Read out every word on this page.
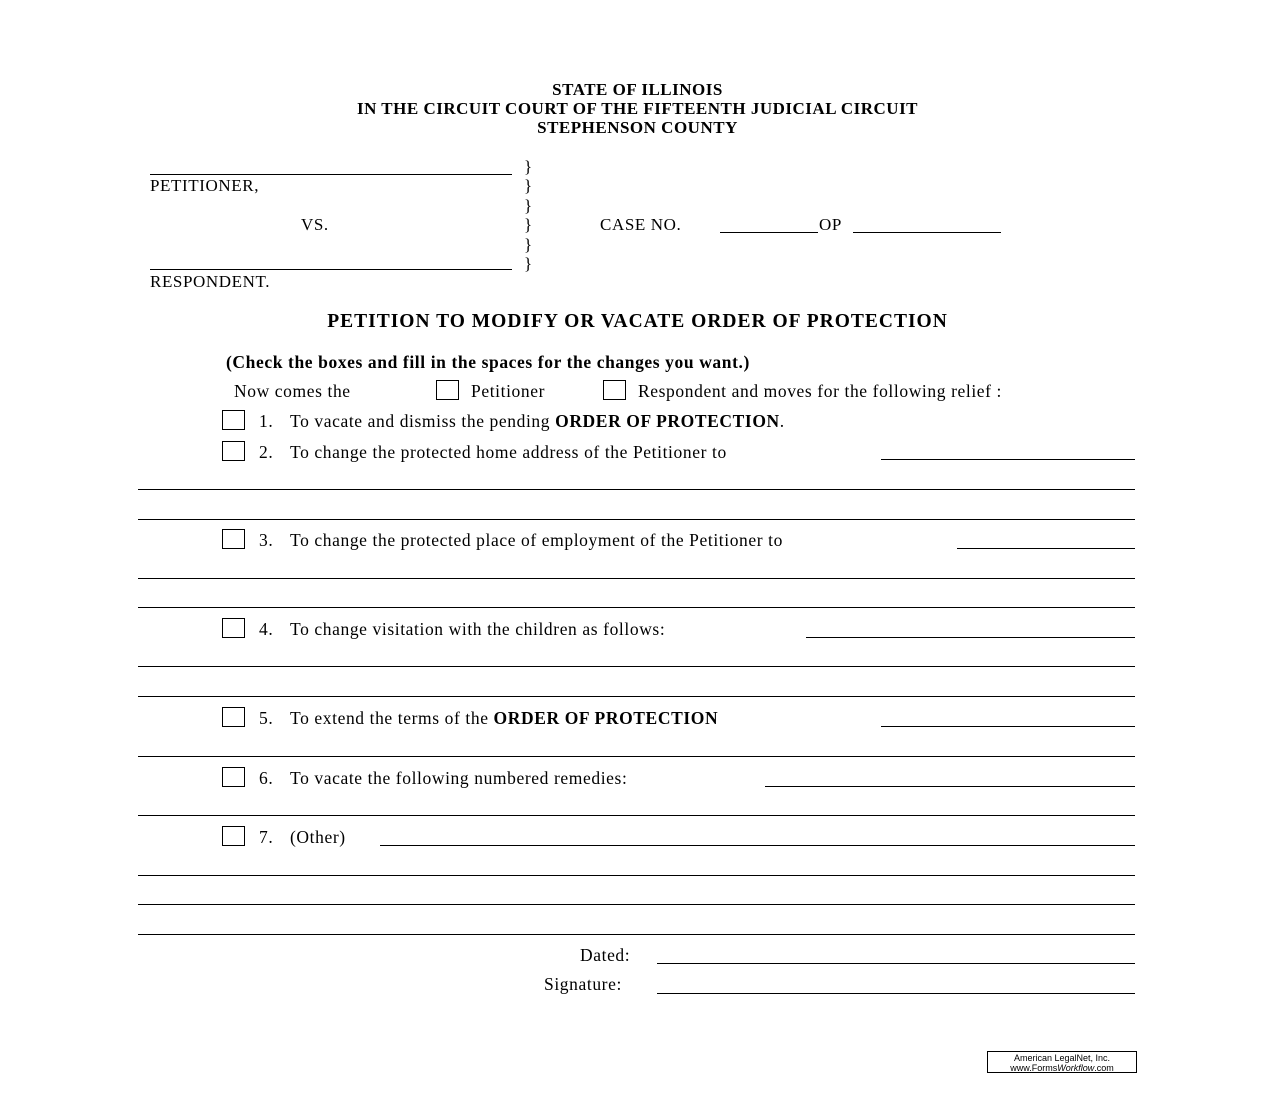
STATE OF ILLINOIS
IN THE CIRCUIT COURT OF THE FIFTEENTH JUDICIAL CIRCUIT
STEPHENSON COUNTY
PETITIONER,
VS.
RESPONDENT.
}
}
}
}
}
}
CASE NO.	OP
PETITION TO MODIFY OR VACATE ORDER OF PROTECTION
(Check the boxes and fill in the spaces for the changes you want.)
Now comes the	Petitioner	Respondent and moves for the following relief :
1. To vacate and dismiss the pending ORDER OF PROTECTION.
2. To change the protected home address of the Petitioner to
3. To change the protected place of employment of the Petitioner to
4. To change visitation with the children as follows:
5. To extend the terms of the ORDER OF PROTECTION
6. To vacate the following numbered remedies:
7. (Other)
Dated:
Signature:
American LegalNet, Inc.
www.FormsWorkflow.com
